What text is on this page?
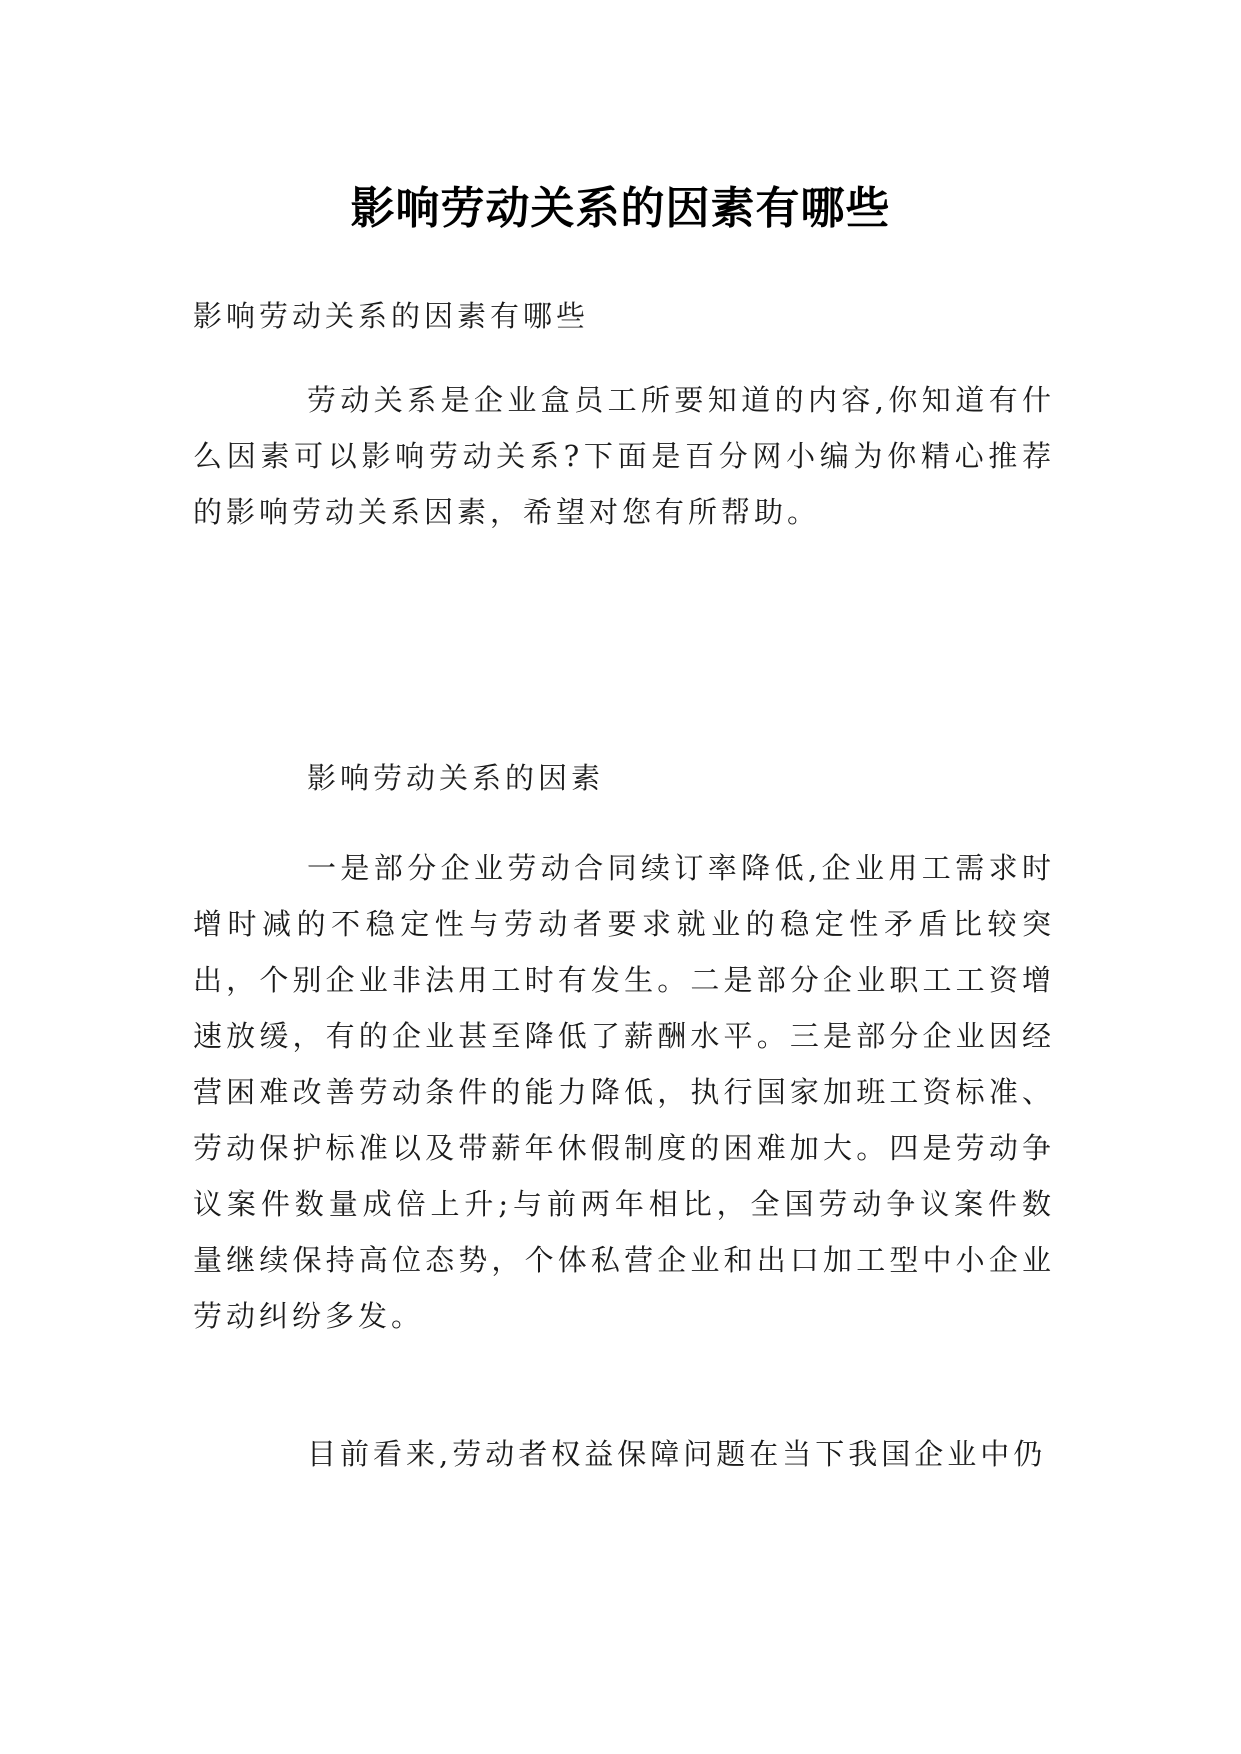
影响劳动关系的因素有哪些

影响劳动关系的因素有哪些

劳动关系是企业盒员工所要知道的内容,你知道有什么因素可以影响劳动关系?下面是百分网小编为你精心推荐的影响劳动关系因素，希望对您有所帮助。

影响劳动关系的因素

一是部分企业劳动合同续订率降低,企业用工需求时增时减的不稳定性与劳动者要求就业的稳定性矛盾比较突出，个别企业非法用工时有发生。二是部分企业职工工资增速放缓，有的企业甚至降低了薪酬水平。三是部分企业因经营困难改善劳动条件的能力降低，执行国家加班工资标准、劳动保护标准以及带薪年休假制度的困难加大。四是劳动争议案件数量成倍上升;与前两年相比，全国劳动争议案件数量继续保持高位态势，个体私营企业和出口加工型中小企业劳动纠纷多发。

目前看来,劳动者权益保障问题在当下我国企业中仍
